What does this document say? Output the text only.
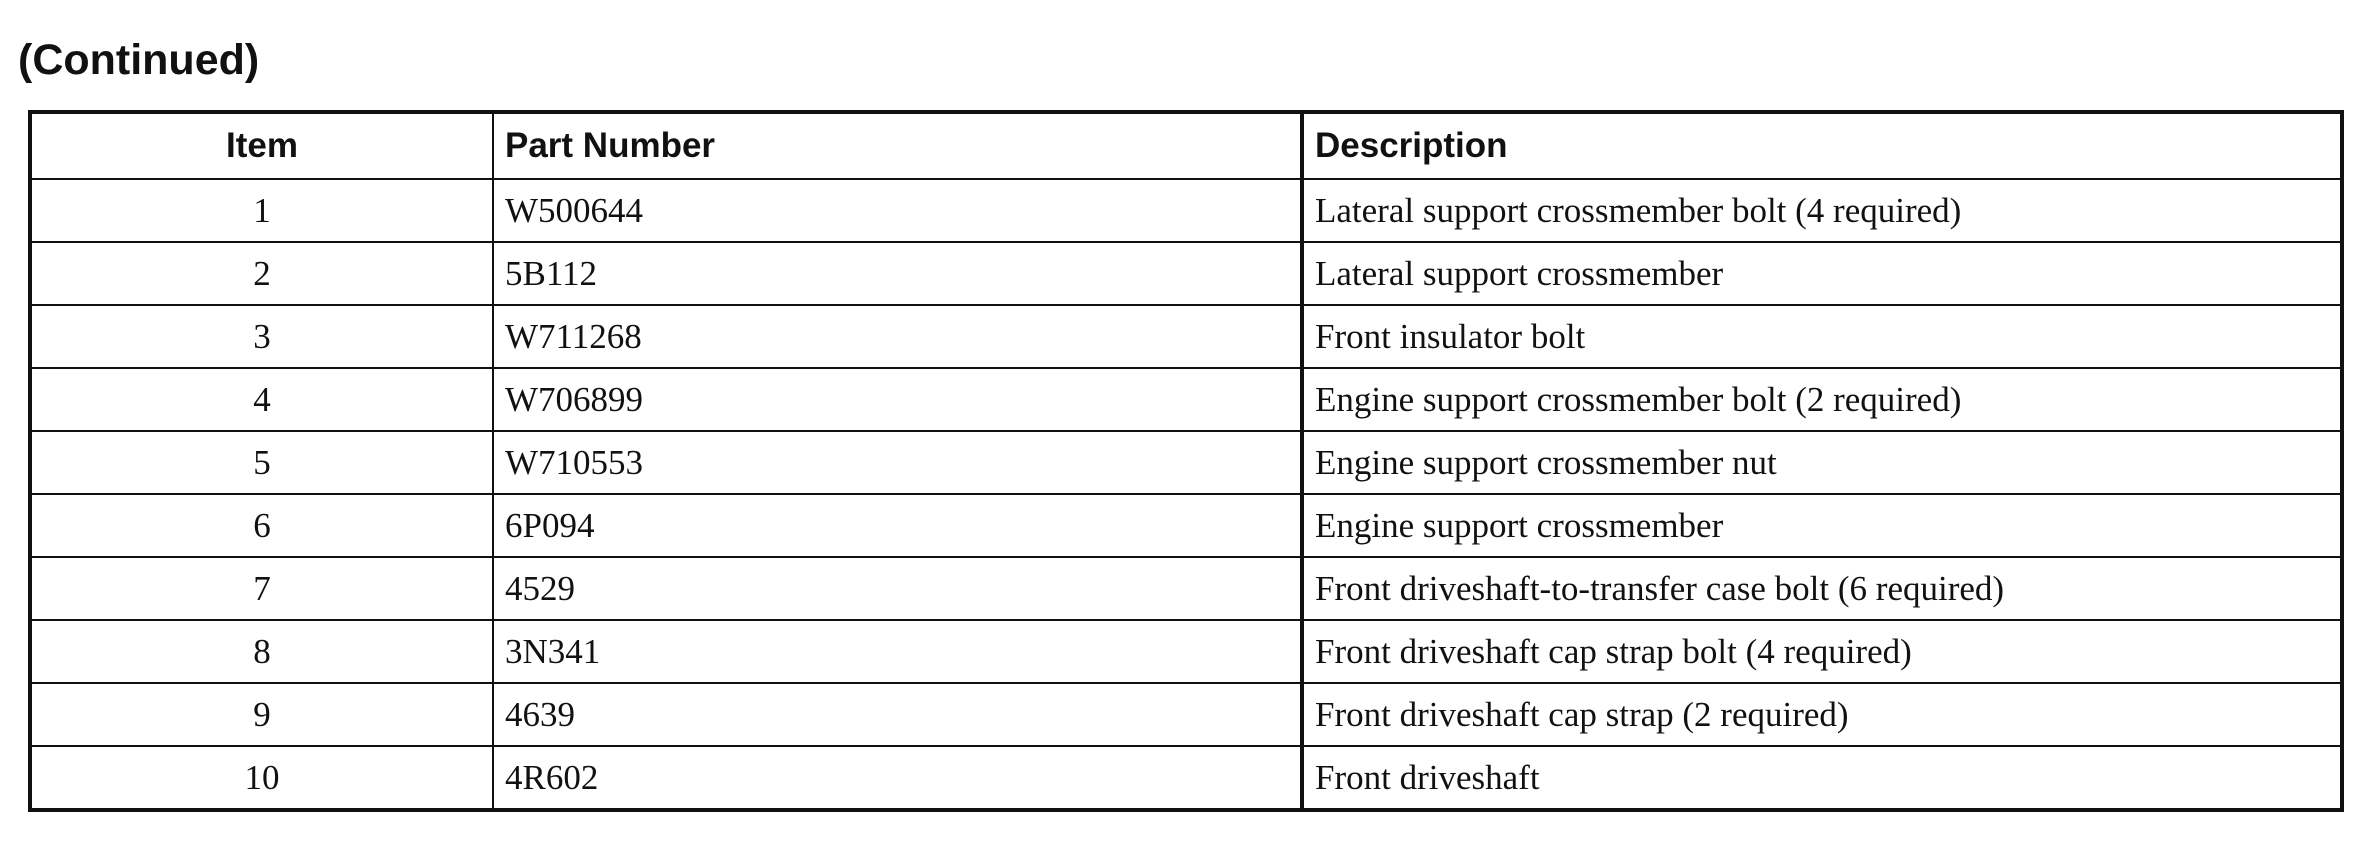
(Continued)
Item	Part Number	Description
1	W500644	Lateral support crossmember bolt (4 required)
2	5B112	Lateral support crossmember
3	W711268	Front insulator bolt
4	W706899	Engine support crossmember bolt (2 required)
5	W710553	Engine support crossmember nut
6	6P094	Engine support crossmember
7	4529	Front driveshaft-to-transfer case bolt (6 required)
8	3N341	Front driveshaft cap strap bolt (4 required)
9	4639	Front driveshaft cap strap (2 required)
10	4R602	Front driveshaft
